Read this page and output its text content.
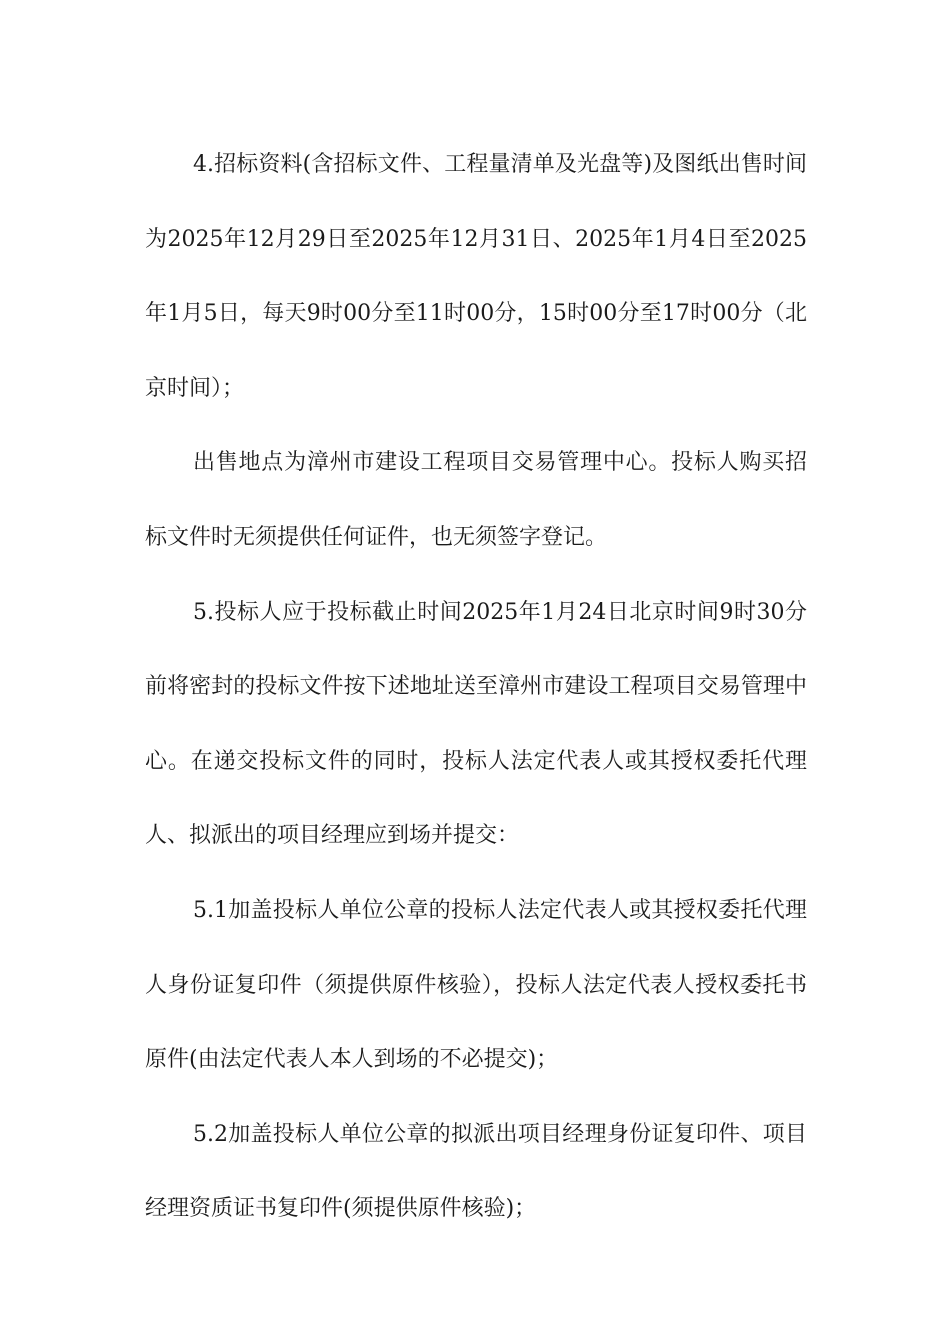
4.招标资料(含招标文件、工程量清单及光盘等)及图纸出售时间为2025年12月29日至2025年12月31日、2025年1月4日至2025年1月5日，每天9时00分至11时00分，15时00分至17时00分（北京时间）；

出售地点为漳州市建设工程项目交易管理中心。投标人购买招标文件时无须提供任何证件，也无须签字登记。

5.投标人应于投标截止时间2025年1月24日北京时间9时30分前将密封的投标文件按下述地址送至漳州市建设工程项目交易管理中心。在递交投标文件的同时，投标人法定代表人或其授权委托代理人、拟派出的项目经理应到场并提交：

5.1加盖投标人单位公章的投标人法定代表人或其授权委托代理人身份证复印件（须提供原件核验），投标人法定代表人授权委托书原件(由法定代表人本人到场的不必提交)；

5.2加盖投标人单位公章的拟派出项目经理身份证复印件、项目经理资质证书复印件(须提供原件核验)；
